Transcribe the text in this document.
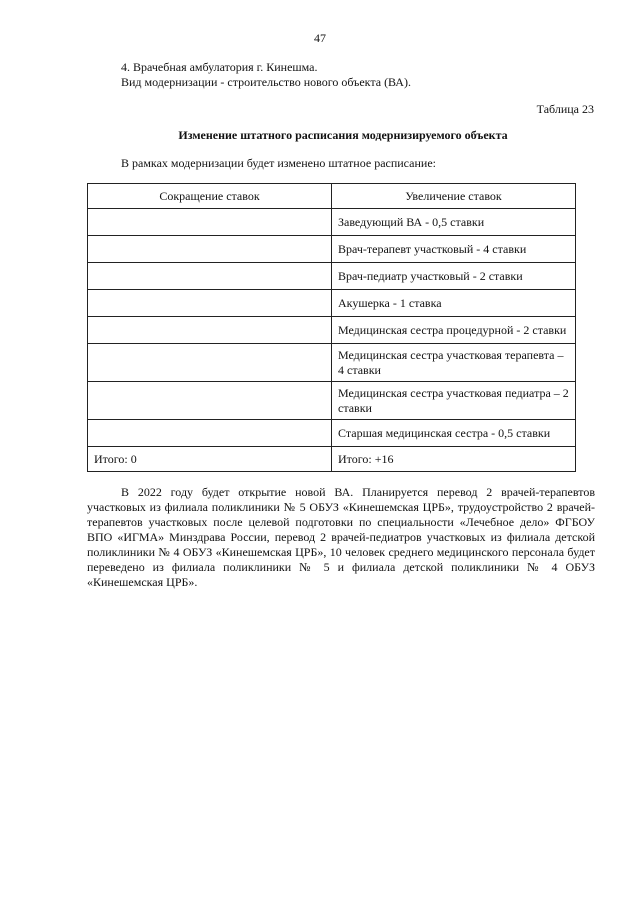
47
4. Врачебная амбулатория г. Кинешма.
Вид модернизации - строительство нового объекта (ВА).
Таблица 23
Изменение штатного расписания модернизируемого объекта
В рамках модернизации будет изменено штатное расписание:
Сокращение ставок	Увеличение ставок
	Заведующий ВА - 0,5 ставки
	Врач-терапевт участковый - 4 ставки
	Врач-педиатр участковый - 2 ставки
	Акушерка - 1 ставка
	Медицинская сестра процедурной - 2 ставки
	Медицинская сестра участковая терапевта – 4 ставки
	Медицинская сестра участковая педиатра – 2 ставки
	Старшая медицинская сестра - 0,5 ставки
Итого: 0	Итого: +16
В 2022 году будет открытие новой ВА. Планируется перевод 2 врачей-терапевтов участковых из филиала поликлиники № 5 ОБУЗ «Кинешемская ЦРБ», трудоустройство 2 врачей-терапевтов участковых после целевой подготовки по специальности «Лечебное дело» ФГБОУ ВПО «ИГМА» Минздрава России, перевод 2 врачей-педиатров участковых из филиала детской поликлиники № 4 ОБУЗ «Кинешемская ЦРБ», 10 человек среднего медицинского персонала будет переведено из филиала поликлиники № 5 и филиала детской поликлиники № 4 ОБУЗ «Кинешемская ЦРБ».
